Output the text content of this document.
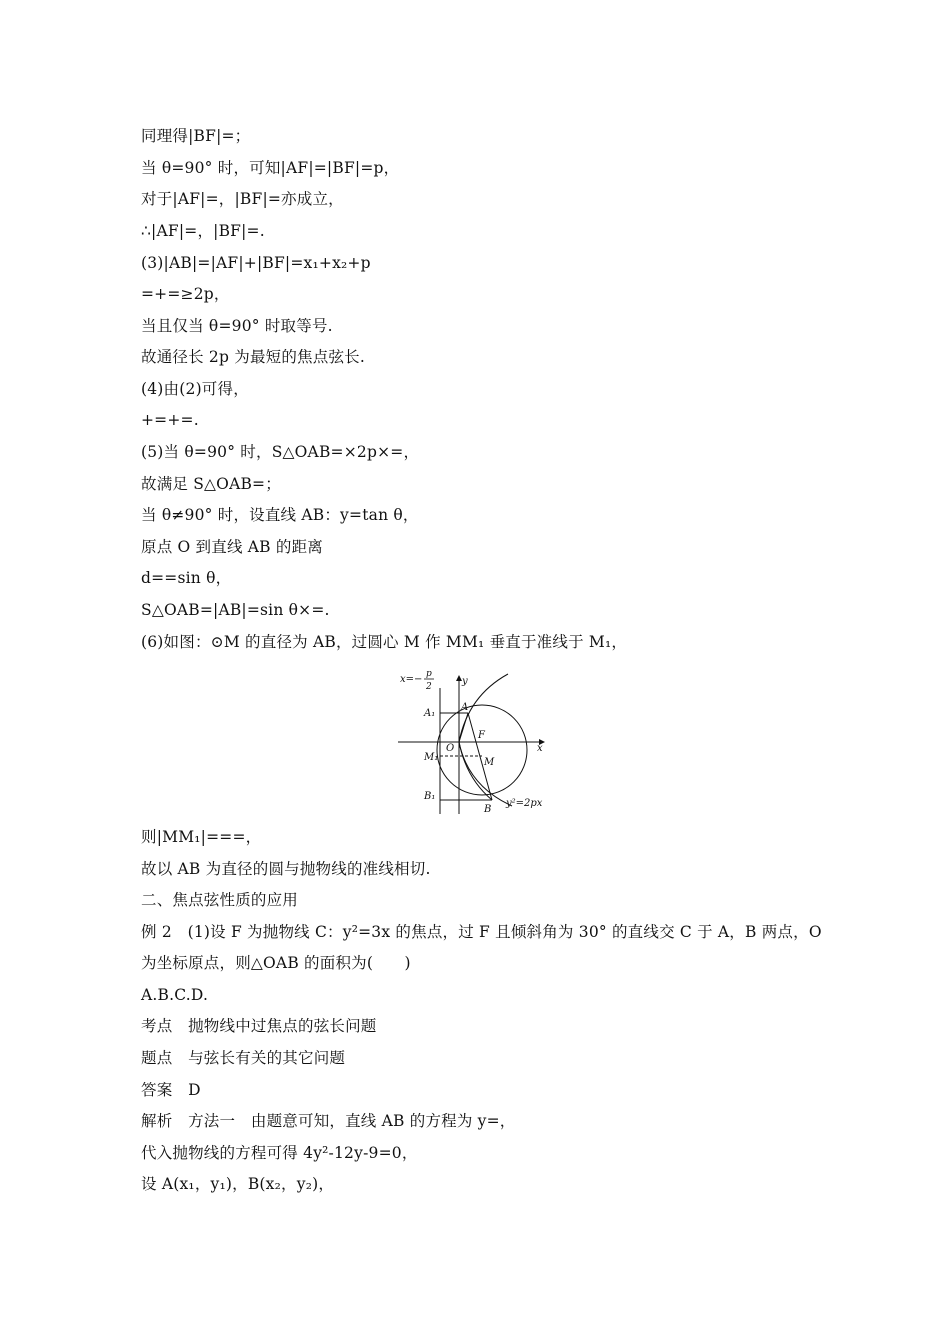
同理得|BF|=；
当 θ=90° 时，可知|AF|=|BF|=p，
对于|AF|=，|BF|=亦成立，
∴|AF|=，|BF|=.
(3)|AB|=|AF|+|BF|=x₁+x₂+p
=+=≥2p，
当且仅当 θ=90° 时取等号.
故通径长 2p 为最短的焦点弦长.
(4)由(2)可得，
+=+=.
(5)当 θ=90° 时，S△OAB=×2p×=，
故满足 S△OAB=；
当 θ≠90° 时，设直线 AB：y=tan θ，
原点 O 到直线 AB 的距离
d==sin θ，
S△OAB=|AB|=sin θ×=.
(6)如图：⊙M 的直径为 AB，过圆心 M 作 MM₁ 垂直于准线于 M₁，
x=− p
2
x
y
A₁
A
F
O
M₁	M
B₁
B
y²=2px
则|MM₁|===，
故以 AB 为直径的圆与抛物线的准线相切.
二、焦点弦性质的应用
例 2　(1)设 F 为抛物线 C：y²=3x 的焦点，过 F 且倾斜角为 30° 的直线交 C 于 A，B 两点，O
为坐标原点，则△OAB 的面积为(　　)
A.B.C.D.
考点　抛物线中过焦点的弦长问题
题点　与弦长有关的其它问题
答案　D
解析　方法一　由题意可知，直线 AB 的方程为 y=，
代入抛物线的方程可得 4y²-12y-9=0，
设 A(x₁，y₁)，B(x₂，y₂)，
